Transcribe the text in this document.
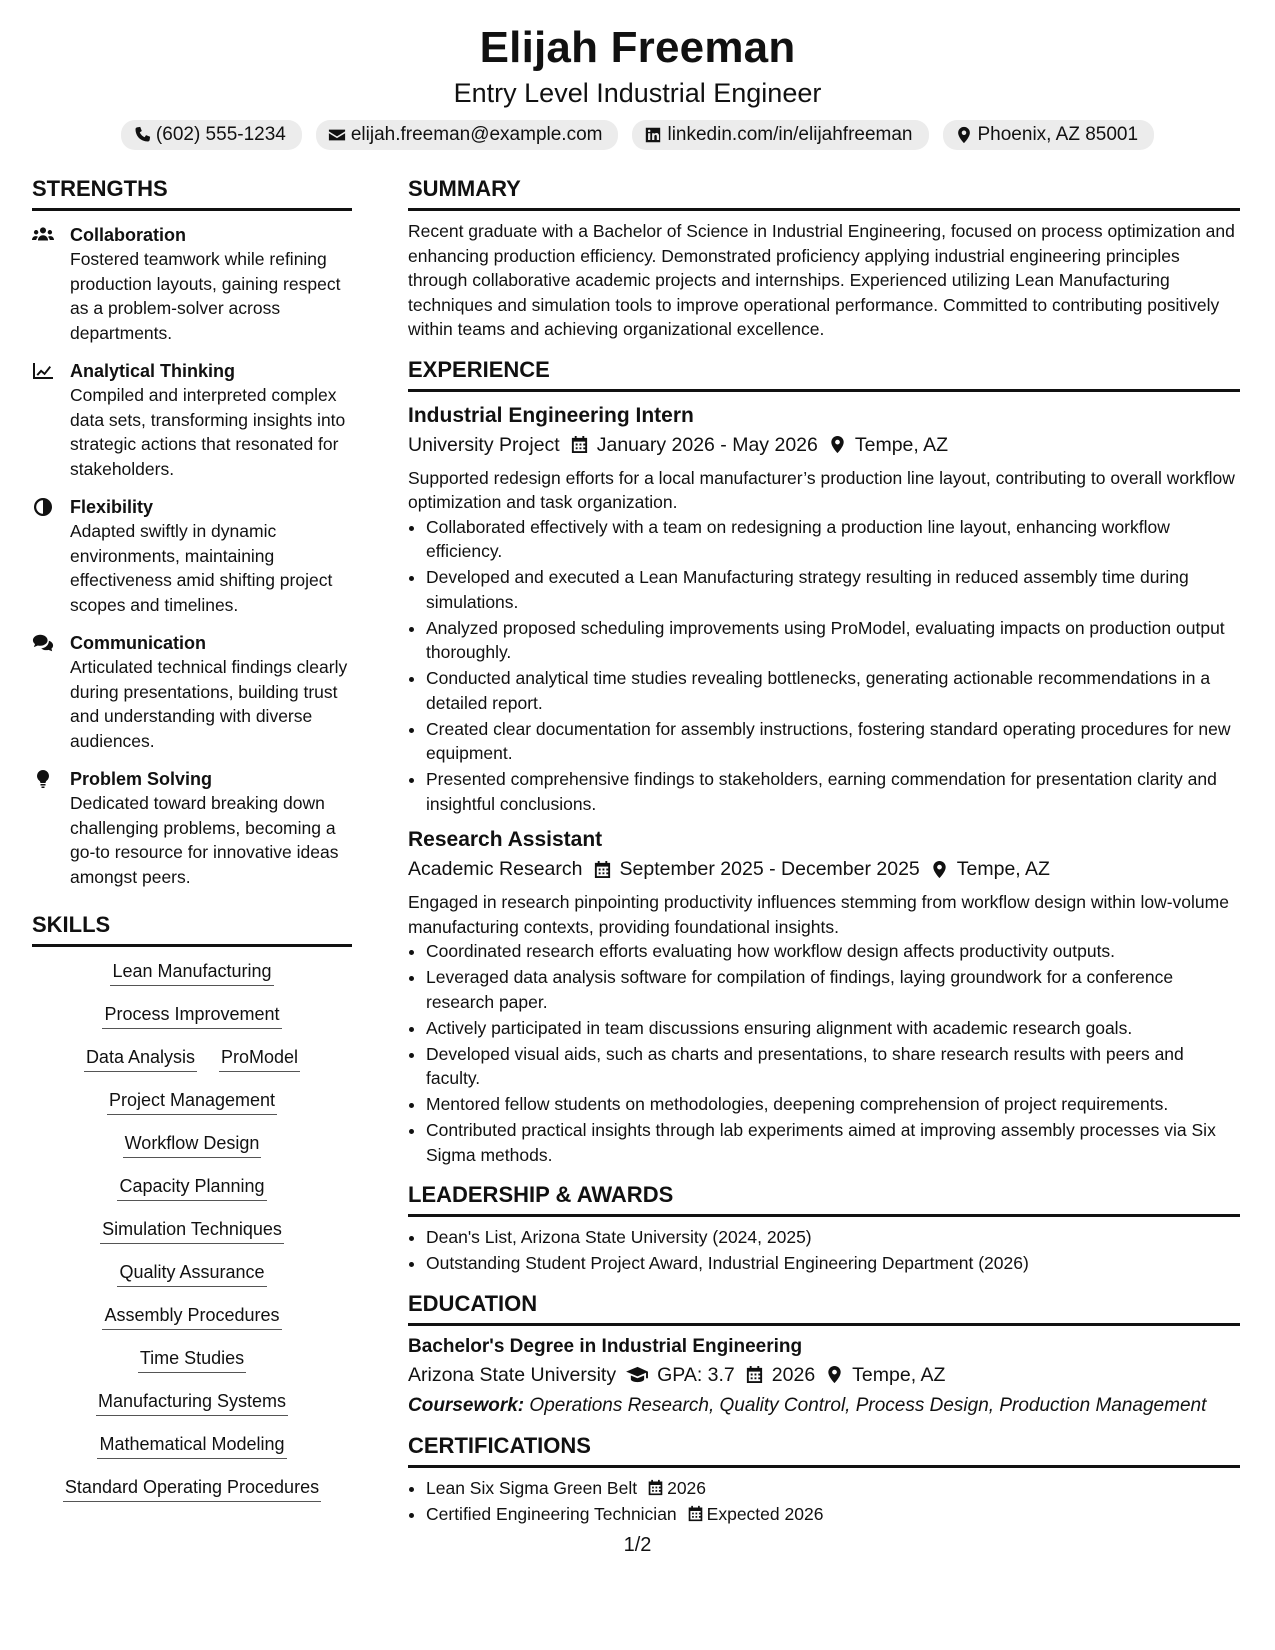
Elijah Freeman
Entry Level Industrial Engineer
(602) 555-1234	elijah.freeman@example.com	linkedin.com/in/elijahfreeman	Phoenix, AZ 85001
STRENGTHS
Collaboration
Fostered teamwork while refining production layouts, gaining respect as a problem-solver across departments.
Analytical Thinking
Compiled and interpreted complex data sets, transforming insights into strategic actions that resonated for stakeholders.
Flexibility
Adapted swiftly in dynamic environments, maintaining effectiveness amid shifting project scopes and timelines.
Communication
Articulated technical findings clearly during presentations, building trust and understanding with diverse audiences.
Problem Solving
Dedicated toward breaking down challenging problems, becoming a go-to resource for innovative ideas amongst peers.
SKILLS
Lean Manufacturing
Process Improvement
Data Analysis ProModel
Project Management
Workflow Design
Capacity Planning
Simulation Techniques
Quality Assurance
Assembly Procedures
Time Studies
Manufacturing Systems
Mathematical Modeling
Standard Operating Procedures
SUMMARY

Recent graduate with a Bachelor of Science in Industrial Engineering, focused on process optimization and enhancing production efficiency. Demonstrated proficiency applying industrial engineering principles through collaborative academic projects and internships. Experienced utilizing Lean Manufacturing techniques and simulation tools to improve operational performance. Committed to contributing positively within teams and achieving organizational excellence.

EXPERIENCE
Industrial Engineering Intern
University Project January 2026 - May 2026 Tempe, AZ

Supported redesign efforts for a local manufacturer’s production line layout, contributing to overall workflow optimization and task organization.

• Collaborated effectively with a team on redesigning a production line layout, enhancing workflow efficiency.
• Developed and executed a Lean Manufacturing strategy resulting in reduced assembly time during simulations.
• Analyzed proposed scheduling improvements using ProModel, evaluating impacts on production output thoroughly.
• Conducted analytical time studies revealing bottlenecks, generating actionable recommendations in a detailed report.
• Created clear documentation for assembly instructions, fostering standard operating procedures for new equipment.
• Presented comprehensive findings to stakeholders, earning commendation for presentation clarity and insightful conclusions.
Research Assistant
Academic Research September 2025 - December 2025 Tempe, AZ

Engaged in research pinpointing productivity influences stemming from workflow design within low-volume manufacturing contexts, providing foundational insights.

• Coordinated research efforts evaluating how workflow design affects productivity outputs.
• Leveraged data analysis software for compilation of findings, laying groundwork for a conference research paper.
• Actively participated in team discussions ensuring alignment with academic research goals.
• Developed visual aids, such as charts and presentations, to share research results with peers and faculty.
• Mentored fellow students on methodologies, deepening comprehension of project requirements.
• Contributed practical insights through lab experiments aimed at improving assembly processes via Six Sigma methods.
LEADERSHIP & AWARDS
• Dean's List, Arizona State University (2024, 2025)
• Outstanding Student Project Award, Industrial Engineering Department (2026)
EDUCATION
Bachelor's Degree in Industrial Engineering
Arizona State University GPA: 3.7 2026 Tempe, AZ
Coursework: Operations Research, Quality Control, Process Design, Production Management
CERTIFICATIONS
• Lean Six Sigma Green Belt 2026
• Certified Engineering Technician Expected 2026
1/2
